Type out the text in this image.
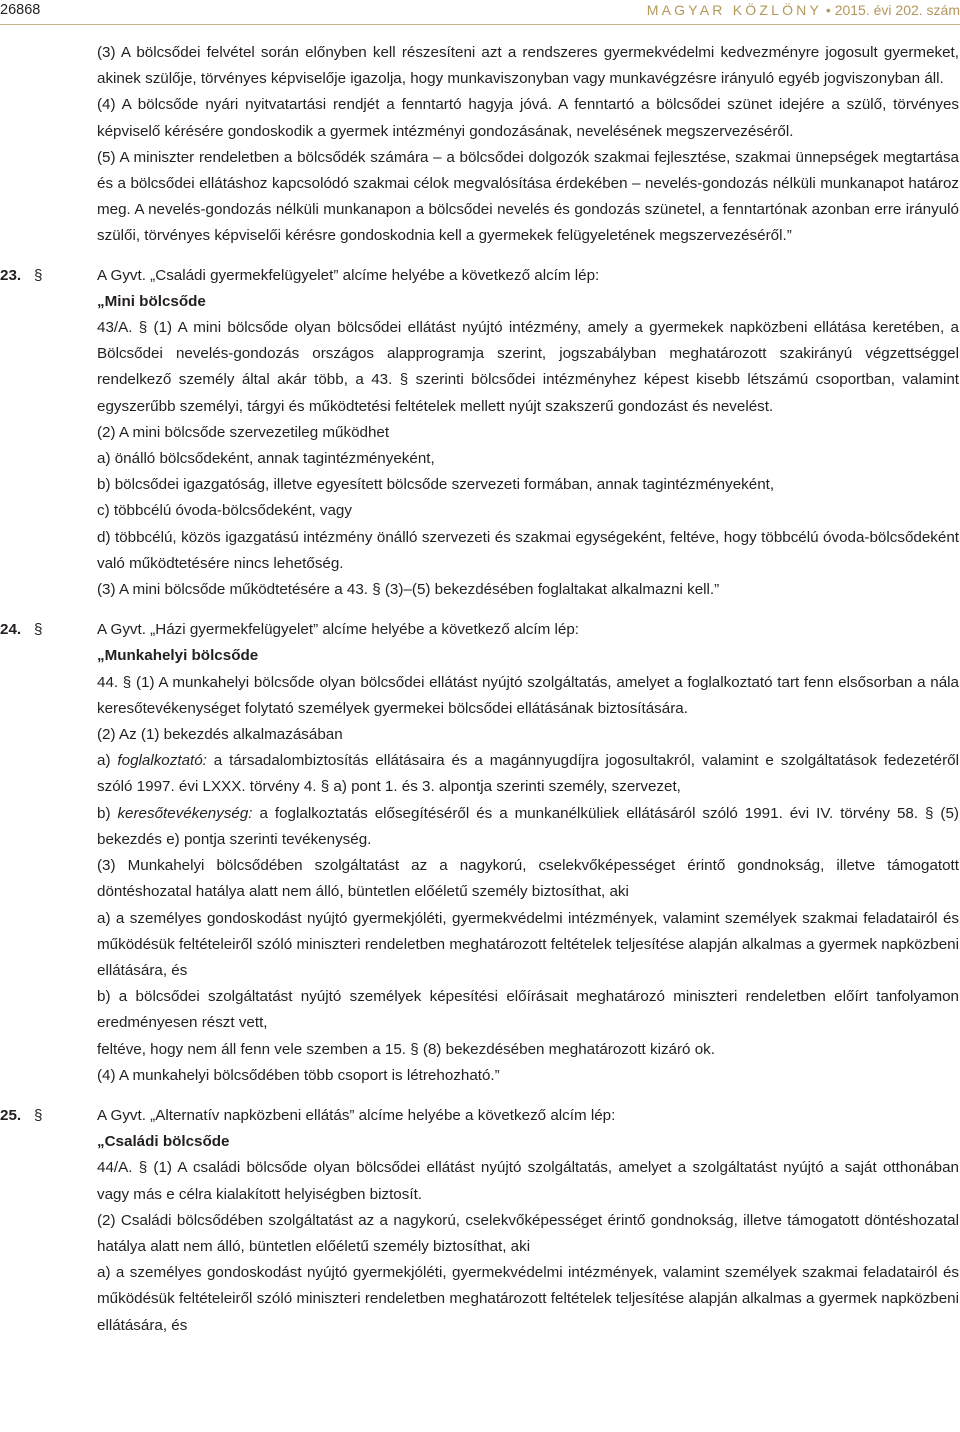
26868	MAGYAR KÖZLÖNY • 2015. évi 202. szám

(3) A bölcsődei felvétel során előnyben kell részesíteni azt a rendszeres gyermekvédelmi kedvezményre jogosult gyermeket, akinek szülője, törvényes képviselője igazolja, hogy munkaviszonyban vagy munkavégzésre irányuló egyéb jogviszonyban áll.

(4) A bölcsőde nyári nyitvatartási rendjét a fenntartó hagyja jóvá. A fenntartó a bölcsődei szünet idejére a szülő, törvényes képviselő kérésére gondoskodik a gyermek intézményi gondozásának, nevelésének megszervezéséről.

(5) A miniszter rendeletben a bölcsődék számára – a bölcsődei dolgozók szakmai fejlesztése, szakmai ünnepségek megtartása és a bölcsődei ellátáshoz kapcsolódó szakmai célok megvalósítása érdekében – nevelés-gondozás nélküli munkanapot határoz meg. A nevelés-gondozás nélküli munkanapon a bölcsődei nevelés és gondozás szünetel, a fenntartónak azonban erre irányuló szülői, törvényes képviselői kérésre gondoskodnia kell a gyermekek felügyeletének megszervezéséről.”

23. §	A Gyvt. „Családi gyermekfelügyelet” alcíme helyébe a következő alcím lép:

„Mini bölcsőde

43/A. § (1) A mini bölcsőde olyan bölcsődei ellátást nyújtó intézmény, amely a gyermekek napközbeni ellátása keretében, a Bölcsődei nevelés-gondozás országos alapprogramja szerint, jogszabályban meghatározott szakirányú végzettséggel rendelkező személy által akár több, a 43. § szerinti bölcsődei intézményhez képest kisebb létszámú csoportban, valamint egyszerűbb személyi, tárgyi és működtetési feltételek mellett nyújt szakszerű gondozást és nevelést.

(2) A mini bölcsőde szervezetileg működhet

a) önálló bölcsődeként, annak tagintézményeként,

b) bölcsődei igazgatóság, illetve egyesített bölcsőde szervezeti formában, annak tagintézményeként,

c) többcélú óvoda-bölcsődeként, vagy

d) többcélú, közös igazgatású intézmény önálló szervezeti és szakmai egységeként, feltéve, hogy többcélú óvoda-bölcsődeként való működtetésére nincs lehetőség.

(3) A mini bölcsőde működtetésére a 43. § (3)–(5) bekezdésében foglaltakat alkalmazni kell.”

24. §	A Gyvt. „Házi gyermekfelügyelet” alcíme helyébe a következő alcím lép:

„Munkahelyi bölcsőde

44. § (1) A munkahelyi bölcsőde olyan bölcsődei ellátást nyújtó szolgáltatás, amelyet a foglalkoztató tart fenn elsősorban a nála keresőtevékenységet folytató személyek gyermekei bölcsődei ellátásának biztosítására.

(2) Az (1) bekezdés alkalmazásában

a) foglalkoztató: a társadalombiztosítás ellátásaira és a magánnyugdíjra jogosultakról, valamint e szolgáltatások fedezetéről szóló 1997. évi LXXX. törvény 4. § a) pont 1. és 3. alpontja szerinti személy, szervezet,

b) keresőtevékenység: a foglalkoztatás elősegítéséről és a munkanélküliek ellátásáról szóló 1991. évi IV. törvény 58. § (5) bekezdés e) pontja szerinti tevékenység.

(3) Munkahelyi bölcsődében szolgáltatást az a nagykorú, cselekvőképességet érintő gondnokság, illetve támogatott döntéshozatal hatálya alatt nem álló, büntetlen előéletű személy biztosíthat, aki

a) a személyes gondoskodást nyújtó gyermekjóléti, gyermekvédelmi intézmények, valamint személyek szakmai feladatairól és működésük feltételeiről szóló miniszteri rendeletben meghatározott feltételek teljesítése alapján alkalmas a gyermek napközbeni ellátására, és

b) a bölcsődei szolgáltatást nyújtó személyek képesítési előírásait meghatározó miniszteri rendeletben előírt tanfolyamon eredményesen részt vett,

feltéve, hogy nem áll fenn vele szemben a 15. § (8) bekezdésében meghatározott kizáró ok.

(4) A munkahelyi bölcsődében több csoport is létrehozható.”

25. §	A Gyvt. „Alternatív napközbeni ellátás” alcíme helyébe a következő alcím lép:

„Családi bölcsőde

44/A. § (1) A családi bölcsőde olyan bölcsődei ellátást nyújtó szolgáltatás, amelyet a szolgáltatást nyújtó a saját otthonában vagy más e célra kialakított helyiségben biztosít.

(2) Családi bölcsődében szolgáltatást az a nagykorú, cselekvőképességet érintő gondnokság, illetve támogatott döntéshozatal hatálya alatt nem álló, büntetlen előéletű személy biztosíthat, aki

a) a személyes gondoskodást nyújtó gyermekjóléti, gyermekvédelmi intézmények, valamint személyek szakmai feladatairól és működésük feltételeiről szóló miniszteri rendeletben meghatározott feltételek teljesítése alapján alkalmas a gyermek napközbeni ellátására, és
